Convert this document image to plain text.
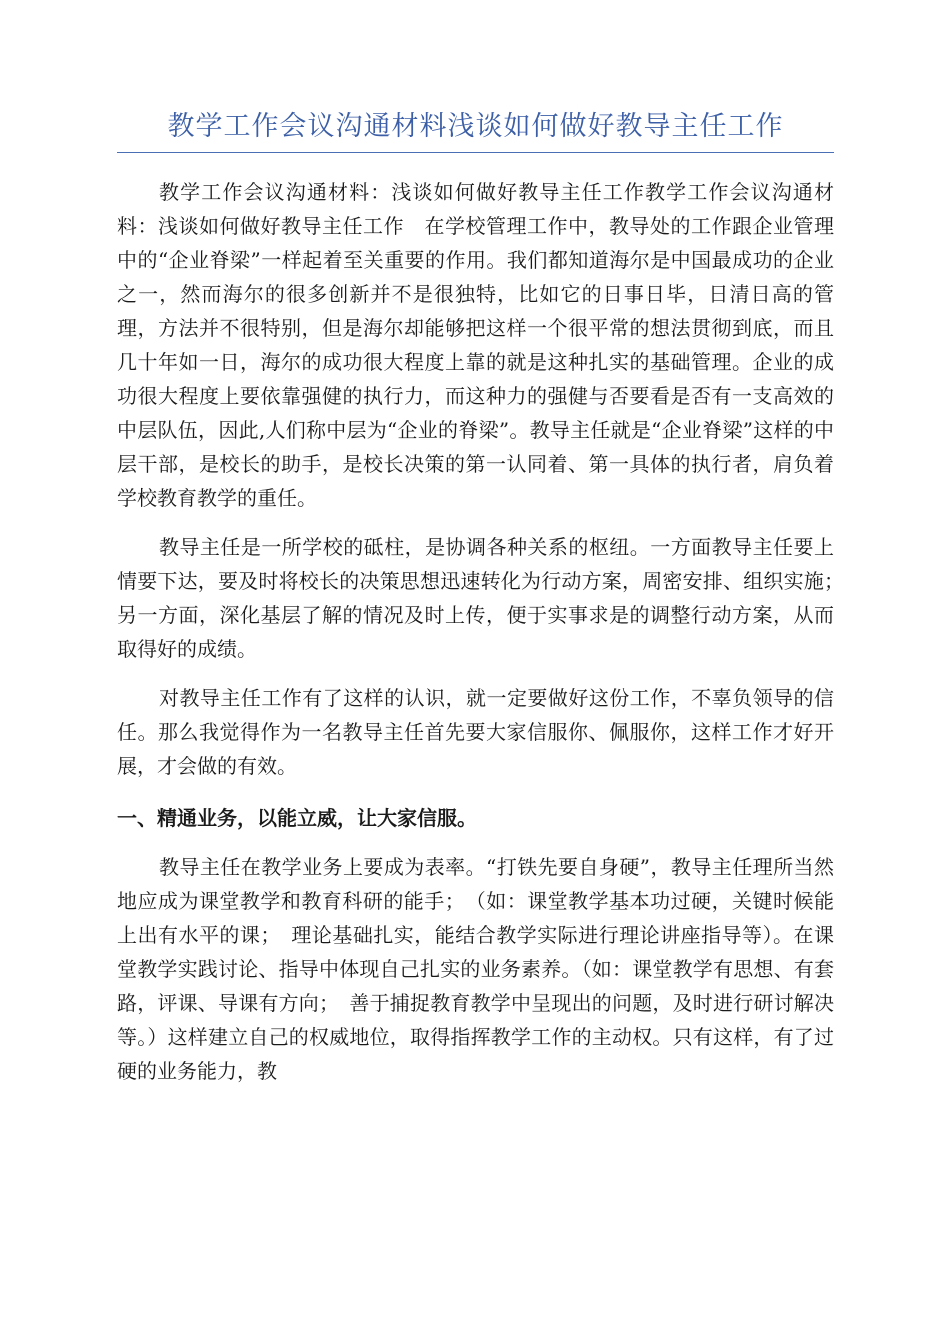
教学工作会议沟通材料浅谈如何做好教导主任工作

教学工作会议沟通材料：浅谈如何做好教导主任工作教学工作会议沟通材料：浅谈如何做好教导主任工作　在学校管理工作中，教导处的工作跟企业管理中的“企业脊梁”一样起着至关重要的作用。我们都知道海尔是中国最成功的企业之一，然而海尔的很多创新并不是很独特，比如它的日事日毕，日清日高的管理，方法并不很特别，但是海尔却能够把这样一个很平常的想法贯彻到底，而且几十年如一日，海尔的成功很大程度上靠的就是这种扎实的基础管理。企业的成功很大程度上要依靠强健的执行力，而这种力的强健与否要看是否有一支高效的中层队伍，因此,人们称中层为“企业的脊梁”。教导主任就是“企业脊梁”这样的中层干部，是校长的助手，是校长决策的第一认同着、第一具体的执行者，肩负着学校教育教学的重任。

教导主任是一所学校的砥柱，是协调各种关系的枢纽。一方面教导主任要上情要下达，要及时将校长的决策思想迅速转化为行动方案，周密安排、组织实施；　另一方面，深化基层了解的情况及时上传，便于实事求是的调整行动方案，从而取得好的成绩。

对教导主任工作有了这样的认识，就一定要做好这份工作，不辜负领导的信任。那么我觉得作为一名教导主任首先要大家信服你、佩服你，这样工作才好开展，才会做的有效。

一、精通业务，以能立威，让大家信服。

教导主任在教学业务上要成为表率。“打铁先要自身硬”，教导主任理所当然地应成为课堂教学和教育科研的能手；　（如：课堂教学基本功过硬，关键时候能上出有水平的课；　理论基础扎实，能结合教学实际进行理论讲座指导等）。在课堂教学实践讨论、指导中体现自己扎实的业务素养。（如：课堂教学有思想、有套路，评课、导课有方向；　善于捕捉教育教学中呈现出的问题，及时进行研讨解决等。）这样建立自己的权威地位，取得指挥教学工作的主动权。只有这样，有了过硬的业务能力，教
